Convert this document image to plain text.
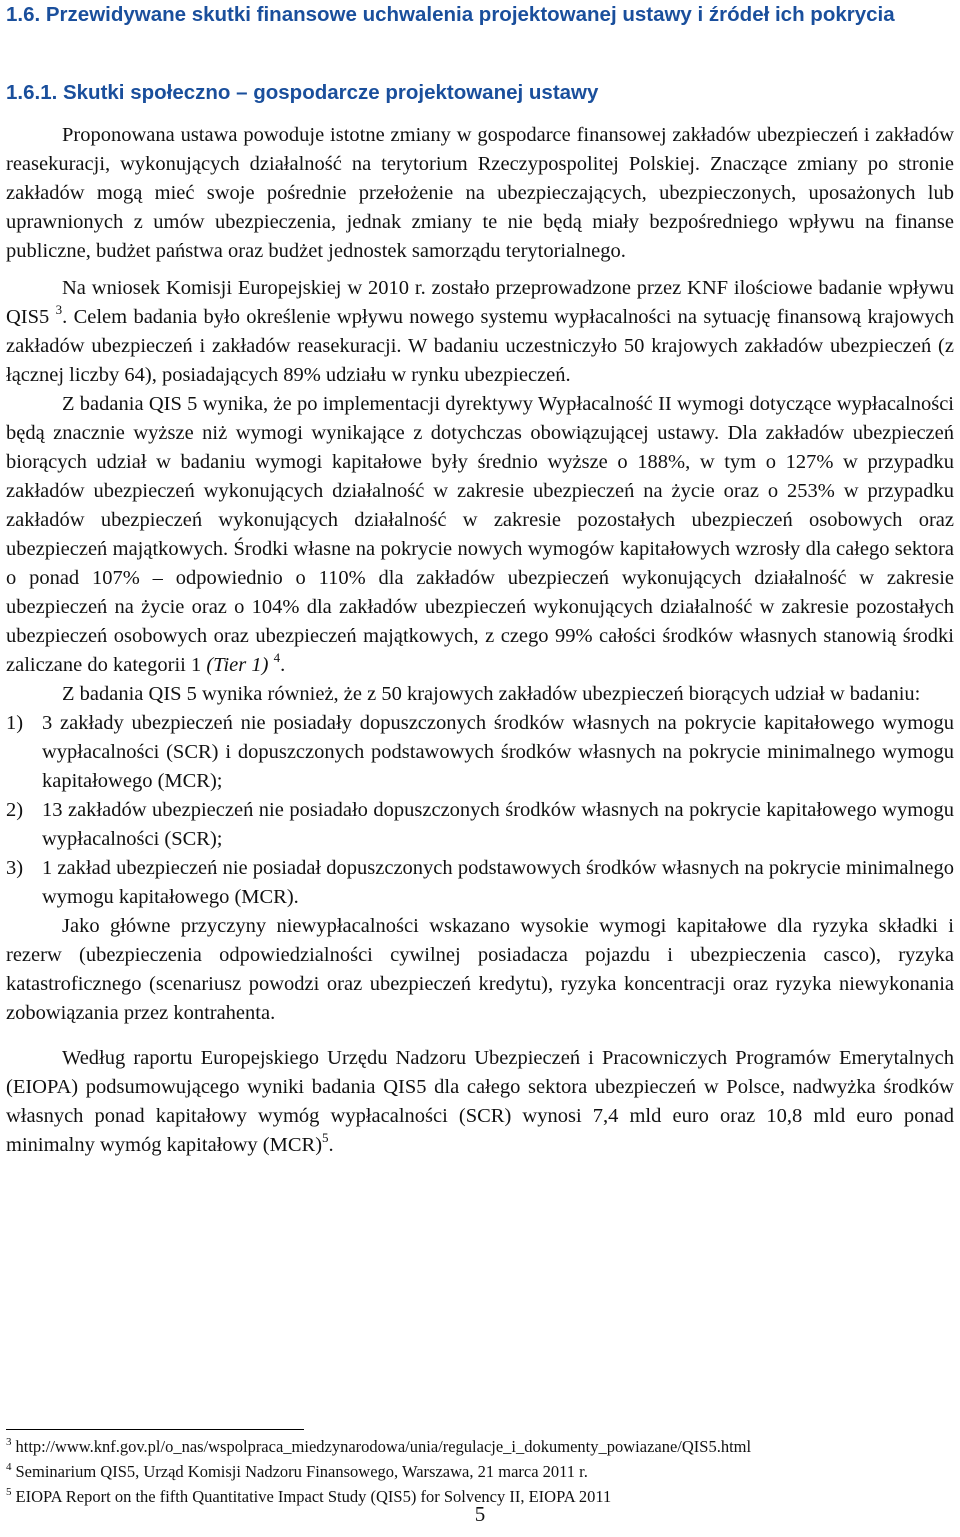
1.6. Przewidywane skutki finansowe uchwalenia projektowanej ustawy i źródeł ich pokrycia
1.6.1. Skutki społeczno – gospodarcze projektowanej ustawy

Proponowana ustawa powoduje istotne zmiany w gospodarce finansowej zakładów ubezpieczeń i zakładów reasekuracji, wykonujących działalność na terytorium Rzeczypospolitej Polskiej. Znaczące zmiany po stronie zakładów mogą mieć swoje pośrednie przełożenie na ubezpieczających, ubezpieczonych, uposażonych lub uprawnionych z umów ubezpieczenia, jednak zmiany te nie będą miały bezpośredniego wpływu na finanse publiczne, budżet państwa oraz budżet jednostek samorządu terytorialnego.

Na wniosek Komisji Europejskiej w 2010 r. zostało przeprowadzone przez KNF ilościowe badanie wpływu QIS5 $^3$. Celem badania było określenie wpływu nowego systemu wypłacalności na sytuację finansową krajowych zakładów ubezpieczeń i zakładów reasekuracji. W badaniu uczestniczyło 50 krajowych zakładów ubezpieczeń (z łącznej liczby 64), posiadających 89% udziału w rynku ubezpieczeń.

Z badania QIS 5 wynika, że po implementacji dyrektywy Wypłacalność II wymogi dotyczące wypłacalności będą znacznie wyższe niż wymogi wynikające z dotychczas obowiązującej ustawy. Dla zakładów ubezpieczeń biorących udział w badaniu wymogi kapitałowe były średnio wyższe o 188%, w tym o 127% w przypadku zakładów ubezpieczeń wykonujących działalność w zakresie ubezpieczeń na życie oraz o 253% w przypadku zakładów ubezpieczeń wykonujących działalność w zakresie pozostałych ubezpieczeń osobowych oraz ubezpieczeń majątkowych. Środki własne na pokrycie nowych wymogów kapitałowych wzrosły dla całego sektora o ponad 107% – odpowiednio o 110% dla zakładów ubezpieczeń wykonujących działalność w zakresie ubezpieczeń na życie oraz o 104% dla zakładów ubezpieczeń wykonujących działalność w zakresie pozostałych ubezpieczeń osobowych oraz ubezpieczeń majątkowych, z czego 99% całości środków własnych stanowią środki zaliczane do kategorii 1 (Tier 1) $^4$.

Z badania QIS 5 wynika również, że z 50 krajowych zakładów ubezpieczeń biorących udział w badaniu:

1) 3 zakłady ubezpieczeń nie posiadały dopuszczonych środków własnych na pokrycie kapitałowego wymogu wypłacalności (SCR) i dopuszczonych podstawowych środków własnych na pokrycie minimalnego wymogu kapitałowego (MCR);
2) 13 zakładów ubezpieczeń nie posiadało dopuszczonych środków własnych na pokrycie kapitałowego wymogu wypłacalności (SCR);
3) 1 zakład ubezpieczeń nie posiadał dopuszczonych podstawowych środków własnych na pokrycie minimalnego wymogu kapitałowego (MCR).

Jako główne przyczyny niewypłacalności wskazano wysokie wymogi kapitałowe dla ryzyka składki i rezerw (ubezpieczenia odpowiedzialności cywilnej posiadacza pojazdu i ubezpieczenia casco), ryzyka katastroficznego (scenariusz powodzi oraz ubezpieczeń kredytu), ryzyka koncentracji oraz ryzyka niewykonania zobowiązania przez kontrahenta.

Według raportu Europejskiego Urzędu Nadzoru Ubezpieczeń i Pracowniczych Programów Emerytalnych (EIOPA) podsumowującego wyniki badania QIS5 dla całego sektora ubezpieczeń w Polsce, nadwyżka środków własnych ponad kapitałowy wymóg wypłacalności (SCR) wynosi 7,4 mld euro oraz 10,8 mld euro ponad minimalny wymóg kapitałowy (MCR)$^5$.

$^3$ http://www.knf.gov.pl/o_nas/wspolpraca_miedzynarodowa/unia/regulacje_i_dokumenty_powiazane/QIS5.html

$^4$ Seminarium QIS5, Urząd Komisji Nadzoru Finansowego, Warszawa, 21 marca 2011 r.

$^5$ EIOPA Report on the fifth Quantitative Impact Study (QIS5) for Solvency II, EIOPA 2011

5
